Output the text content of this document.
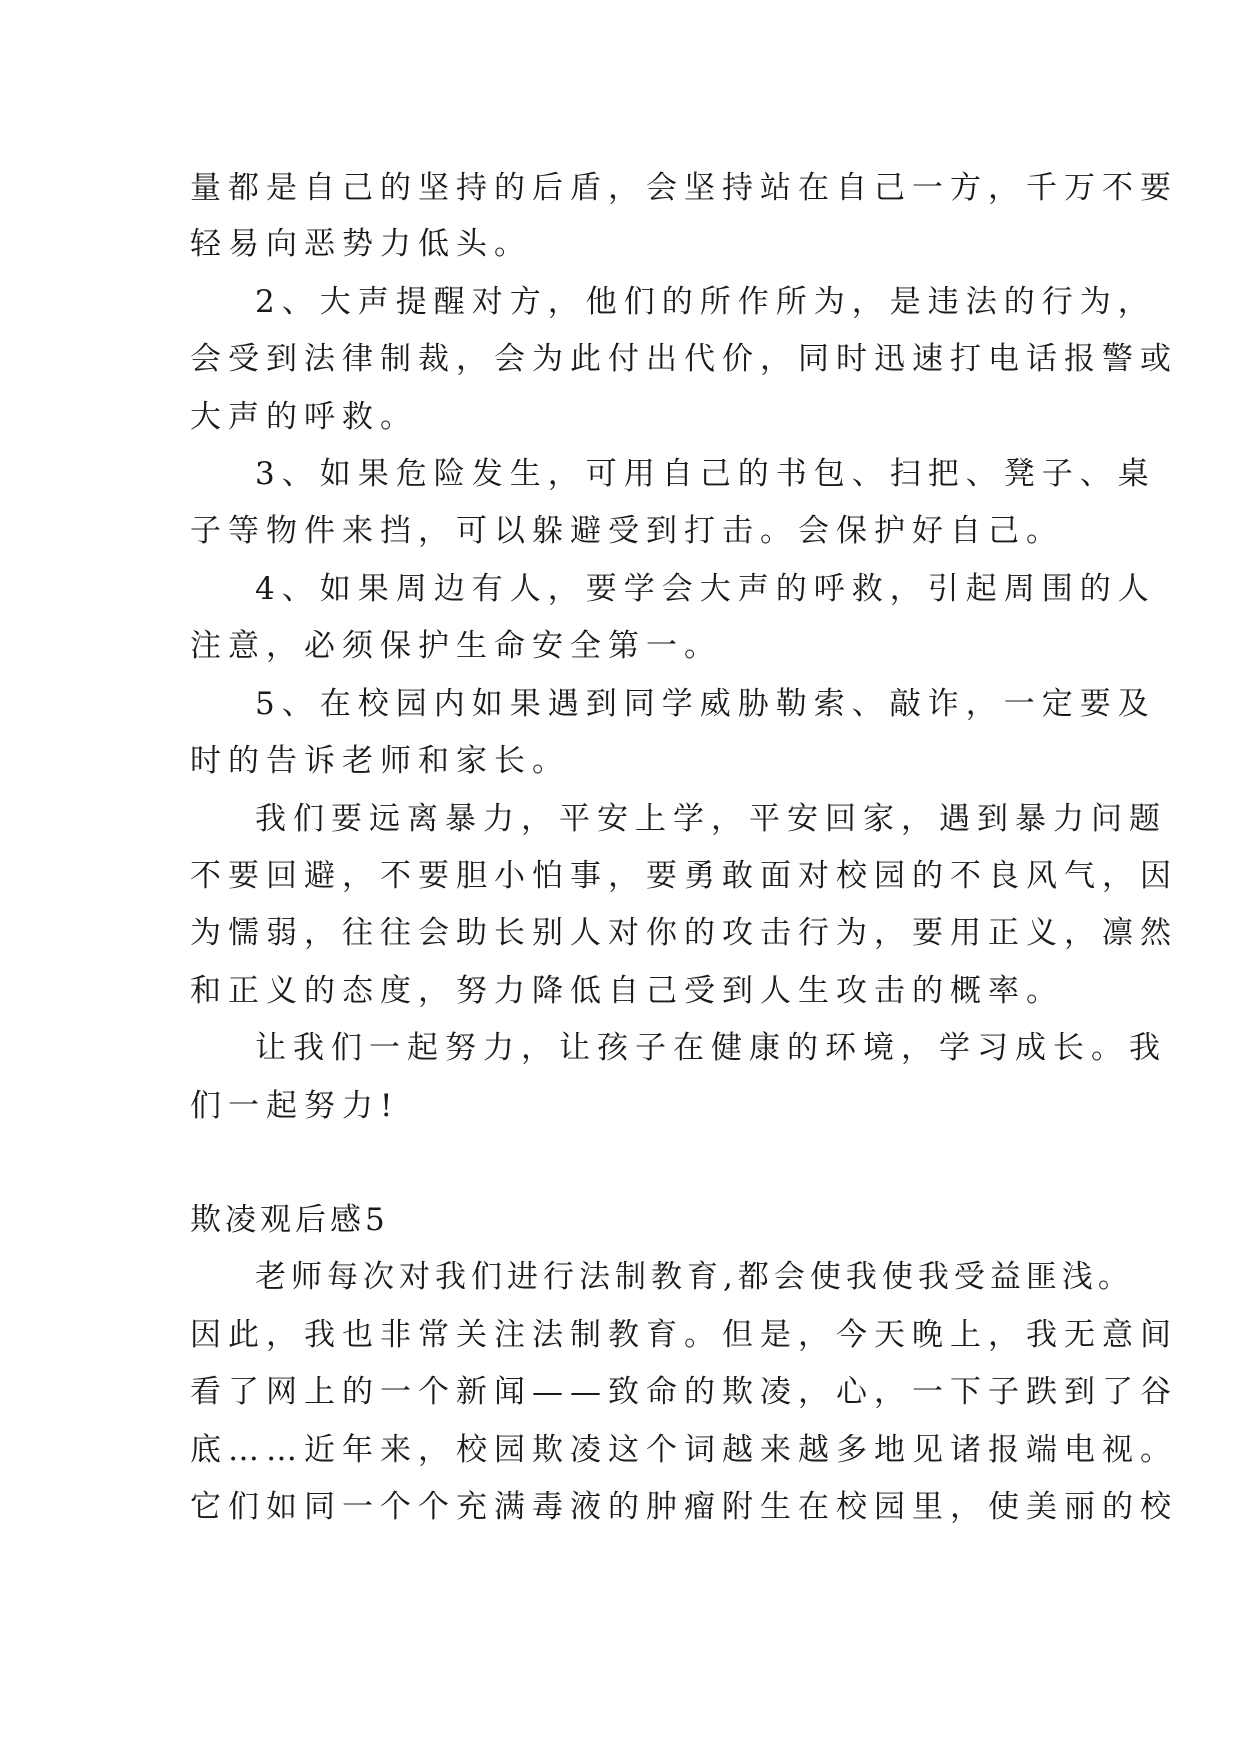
量都是自己的坚持的后盾，会坚持站在自己一方，千万不要
轻易向恶势力低头。
2、大声提醒对方，他们的所作所为，是违法的行为，
会受到法律制裁，会为此付出代价，同时迅速打电话报警或
大声的呼救。
3、如果危险发生，可用自己的书包、扫把、凳子、桌
子等物件来挡，可以躲避受到打击。会保护好自己。
4、如果周边有人，要学会大声的呼救，引起周围的人
注意，必须保护生命安全第一。
5、在校园内如果遇到同学威胁勒索、敲诈，一定要及
时的告诉老师和家长。
我们要远离暴力，平安上学，平安回家，遇到暴力问题
不要回避，不要胆小怕事，要勇敢面对校园的不良风气，因
为懦弱，往往会助长别人对你的攻击行为，要用正义，凛然
和正义的态度，努力降低自己受到人生攻击的概率。
让我们一起努力，让孩子在健康的环境，学习成长。我
们一起努力!
欺凌观后感5
老师每次对我们进行法制教育,都会使我使我受益匪浅。
因此，我也非常关注法制教育。但是，今天晚上，我无意间
看了网上的一个新闻——致命的欺凌，心，一下子跌到了谷
底……近年来，校园欺凌这个词越来越多地见诸报端电视。
它们如同一个个充满毒液的肿瘤附生在校园里，使美丽的校
